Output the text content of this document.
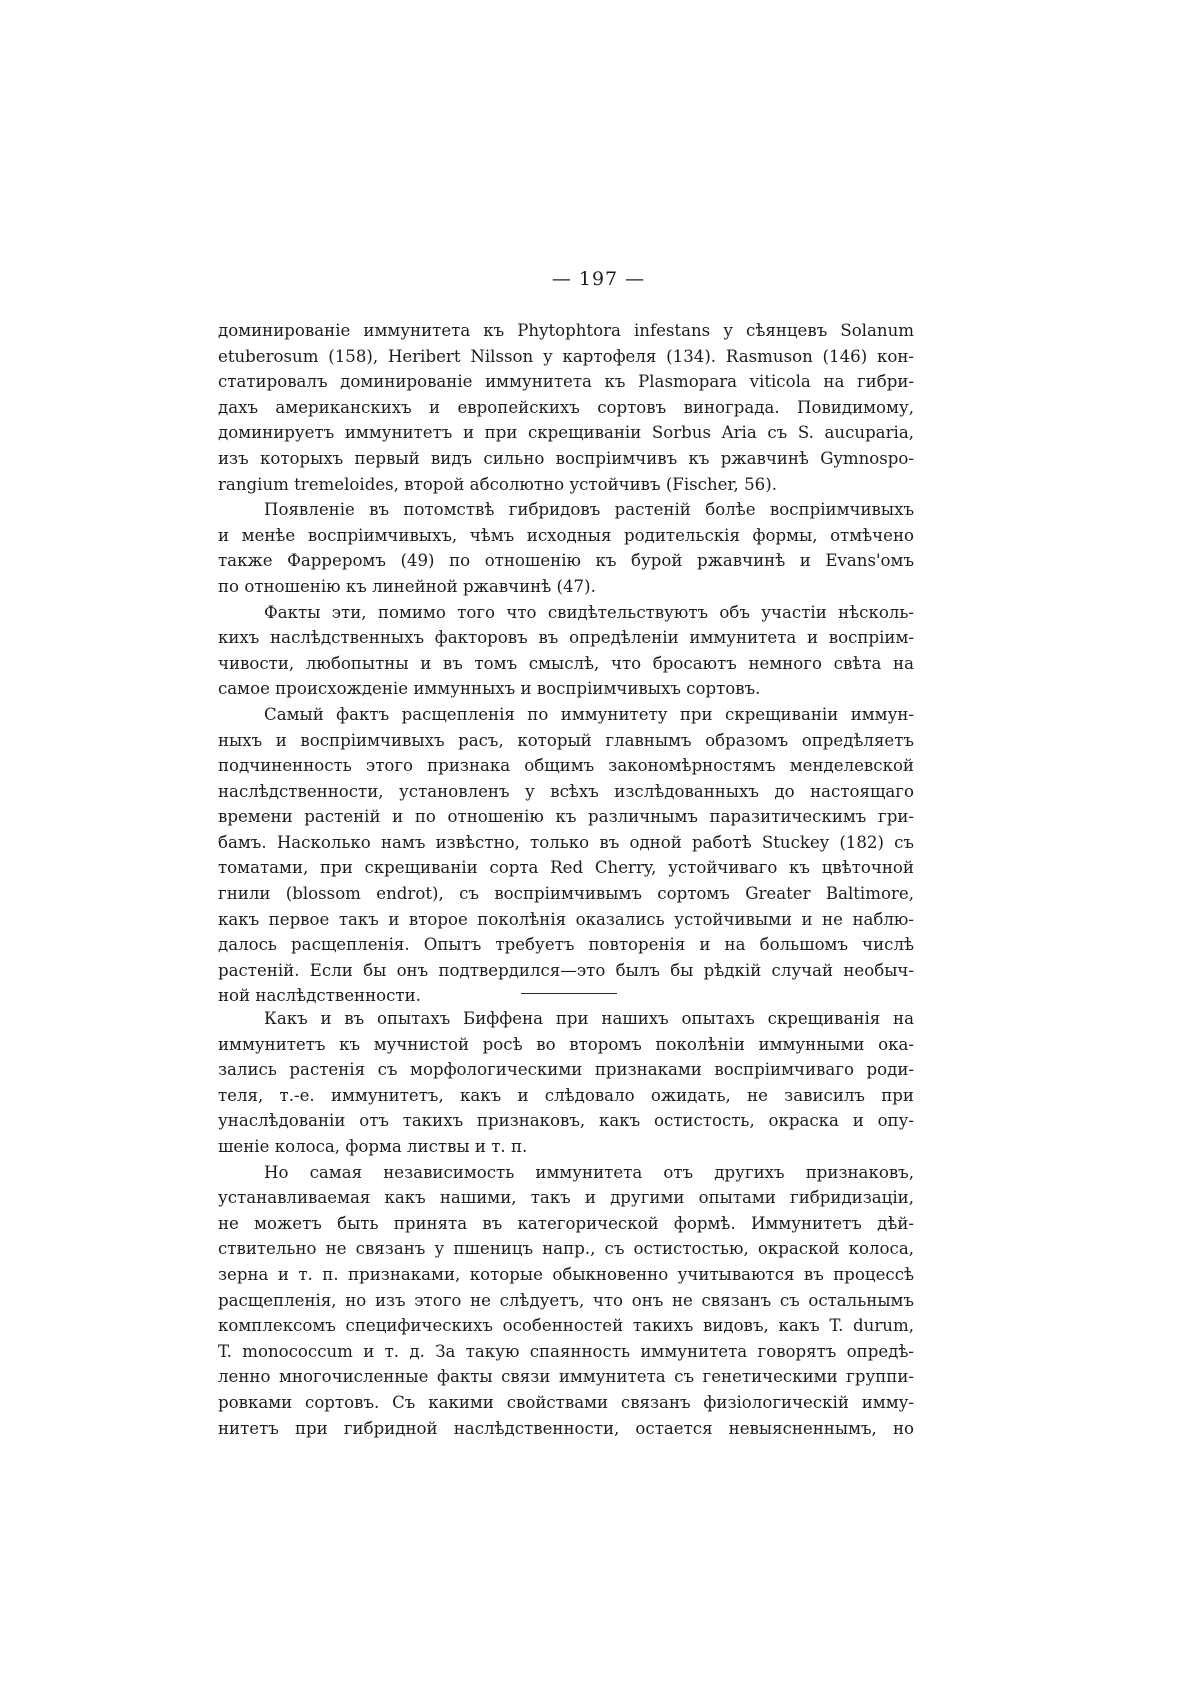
— 197 —
доминированіе иммунитета къ Phytophtora infestans у сѣянцевъ Solanum
etuberosum (158), Heribert Nilsson у картофеля (134). Rasmuson (146) кон-
статировалъ доминированіе иммунитета къ Plasmopara viticola на гибри-
дахъ американскихъ и европейскихъ сортовъ винограда. Повидимому,
доминируетъ иммунитетъ и при скрещиваніи Sorbus Aria съ S. aucuparia,
изъ которыхъ первый видъ сильно воспріимчивъ къ ржавчинѣ Gymnospo-
rangium tremeloides, второй абсолютно устойчивъ (Fischer, 56).
Появленіе въ потомствѣ гибридовъ растеній болѣе воспріимчивыхъ
и менѣе воспріимчивыхъ, чѣмъ исходныя родительскія формы, отмѣчено
также Фаррeромъ (49) по отношенію къ бурой ржавчинѣ и Evans'омъ
по отношенію къ линейной ржавчинѣ (47).
Факты эти, помимо того что свидѣтельствуютъ объ участіи нѣсколь-
кихъ наслѣдственныхъ факторовъ въ опредѣленіи иммунитета и воспріим-
чивости, любопытны и въ томъ смыслѣ, что бросаютъ немного свѣта на
самое происхожденіе иммунныхъ и воспріимчивыхъ сортовъ.
Самый фактъ расщепленія по иммунитету при скрещиваніи иммун-
ныхъ и воспріимчивыхъ расъ, который главнымъ образомъ опредѣляетъ
подчиненность этого признака общимъ закономѣрностямъ менделевской
наслѣдственности, установленъ у всѣхъ изслѣдованныхъ до настоящаго
времени растеній и по отношенію къ различнымъ паразитическимъ гри-
бамъ. Насколько намъ извѣстно, только въ одной работѣ Stuckey (182) съ
томатами, при скрещиваніи сорта Red Cherry, устойчиваго къ цвѣточной
гнили (blossom endrot), съ воспріимчивымъ сортомъ Greater Baltimore,
какъ первое такъ и второе поколѣнія оказались устойчивыми и не наблю-
далось расщепленія. Опытъ требуетъ повторенія и на большомъ числѣ
растеній. Если бы онъ подтвердился—это былъ бы рѣдкій случай необыч-
ной наслѣдственности.
Какъ и въ опытахъ Биффена при нашихъ опытахъ скрещиванія на
иммунитетъ къ мучнистой росѣ во второмъ поколѣніи иммунными ока-
зались растенія съ морфологическими признаками воспріимчиваго роди-
теля, т.-е. иммунитетъ, какъ и слѣдовало ожидать, не зависилъ при
унаслѣдованіи отъ такихъ признаковъ, какъ остистость, окраска и опу-
шеніе колоса, форма листвы и т. п.
Но самая независимость иммунитета отъ другихъ признаковъ,
устанавливаемая какъ нашими, такъ и другими опытами гибридизаціи,
не можетъ быть принята въ категорической формѣ. Иммунитетъ дѣй-
ствительно не связанъ у пшеницъ напр., съ остистостью, окраской колоса,
зерна и т. п. признаками, которые обыкновенно учитываются въ процессѣ
расщепленія, но изъ этого не слѣдуетъ, что онъ не связанъ съ остальнымъ
комплексомъ специфическихъ особенностей такихъ видовъ, какъ T. durum,
T. monococcum и т. д. За такую спаянность иммунитета говорятъ опредѣ-
ленно многочисленные факты связи иммунитета съ генетическими группи-
ровками сортовъ. Съ какими свойствами связанъ физіологическій имму-
нитетъ при гибридной наслѣдственности, остается невыясненнымъ, но
